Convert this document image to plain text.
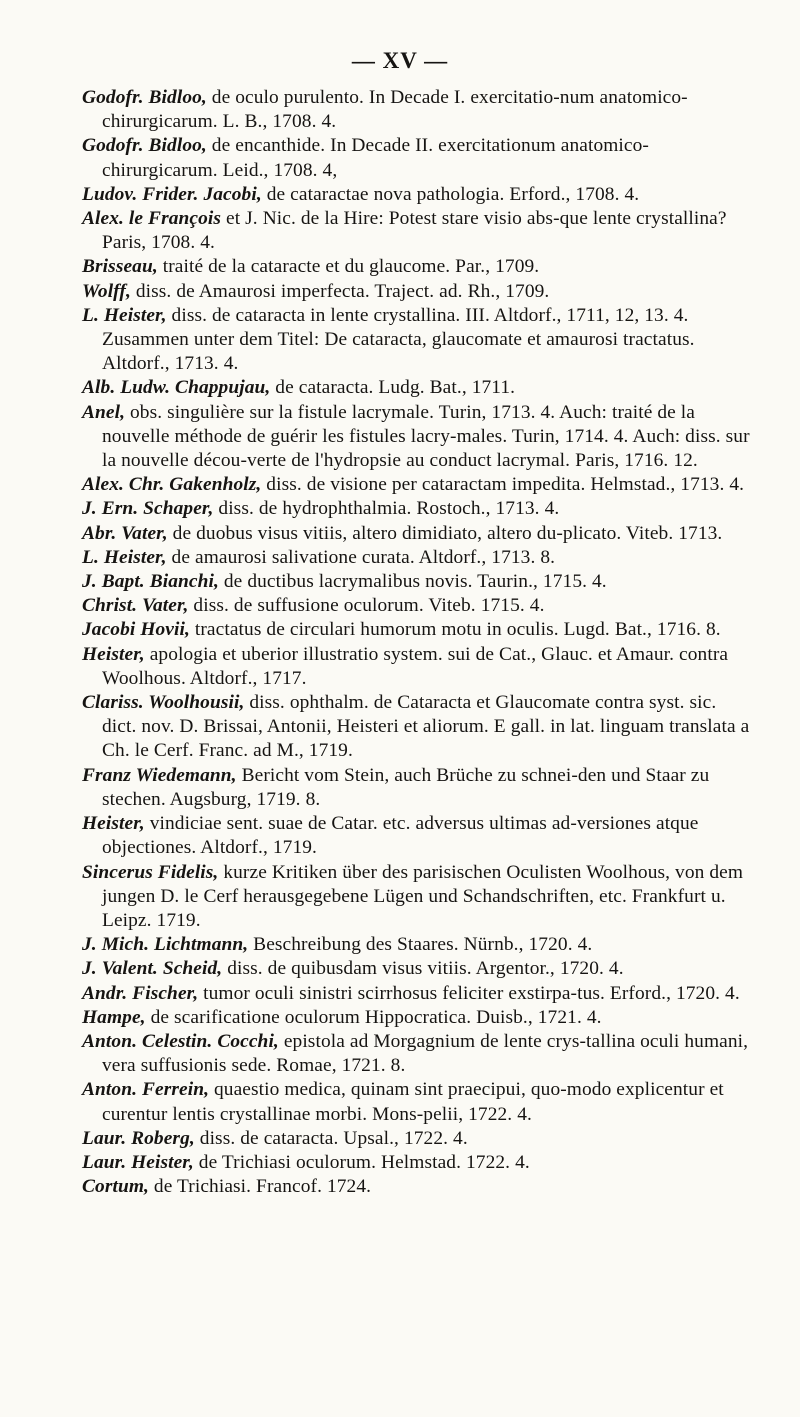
— XV —

Godofr. Bidloo, de oculo purulento. In Decade I. exercitatio-num anatomico-chirurgicarum. L. B., 1708. 4.

Godofr. Bidloo, de encanthide. In Decade II. exercitationum anatomico-chirurgicarum. Leid., 1708. 4,

Ludov. Frider. Jacobi, de cataractae nova pathologia. Erford., 1708. 4.

Alex. le François et J. Nic. de la Hire: Potest stare visio abs-que lente crystallina? Paris, 1708. 4.

Brisseau, traité de la cataracte et du glaucome. Par., 1709.

Wolff, diss. de Amaurosi imperfecta. Traject. ad. Rh., 1709.

L. Heister, diss. de cataracta in lente crystallina. III. Altdorf., 1711, 12, 13. 4. Zusammen unter dem Titel: De cataracta, glaucomate et amaurosi tractatus. Altdorf., 1713. 4.

Alb. Ludw. Chappujau, de cataracta. Ludg. Bat., 1711.

Anel, obs. singulière sur la fistule lacrymale. Turin, 1713. 4. Auch: traité de la nouvelle méthode de guérir les fistules lacry-males. Turin, 1714. 4. Auch: diss. sur la nouvelle décou-verte de l'hydropsie au conduct lacrymal. Paris, 1716. 12.

Alex. Chr. Gakenholz, diss. de visione per cataractam impedita. Helmstad., 1713. 4.

J. Ern. Schaper, diss. de hydrophthalmia. Rostoch., 1713. 4.

Abr. Vater, de duobus visus vitiis, altero dimidiato, altero du-plicato. Viteb. 1713.

L. Heister, de amaurosi salivatione curata. Altdorf., 1713. 8.

J. Bapt. Bianchi, de ductibus lacrymalibus novis. Taurin., 1715. 4.

Christ. Vater, diss. de suffusione oculorum. Viteb. 1715. 4.

Jacobi Hovii, tractatus de circulari humorum motu in oculis. Lugd. Bat., 1716. 8.

Heister, apologia et uberior illustratio system. sui de Cat., Glauc. et Amaur. contra Woolhous. Altdorf., 1717.

Clariss. Woolhousii, diss. ophthalm. de Cataracta et Glaucomate contra syst. sic. dict. nov. D. Brissai, Antonii, Heisteri et aliorum. E gall. in lat. linguam translata a Ch. le Cerf. Franc. ad M., 1719.

Franz Wiedemann, Bericht vom Stein, auch Brüche zu schnei-den und Staar zu stechen. Augsburg, 1719. 8.

Heister, vindiciae sent. suae de Catar. etc. adversus ultimas ad-versiones atque objectiones. Altdorf., 1719.

Sincerus Fidelis, kurze Kritiken über des parisischen Oculisten Woolhous, von dem jungen D. le Cerf herausgegebene Lügen und Schandschriften, etc. Frankfurt u. Leipz. 1719.

J. Mich. Lichtmann, Beschreibung des Staares. Nürnb., 1720. 4.

J. Valent. Scheid, diss. de quibusdam visus vitiis. Argentor., 1720. 4.

Andr. Fischer, tumor oculi sinistri scirrhosus feliciter exstirpa-tus. Erford., 1720. 4.

Hampe, de scarificatione oculorum Hippocratica. Duisb., 1721. 4.

Anton. Celestin. Cocchi, epistola ad Morgagnium de lente crys-tallina oculi humani, vera suffusionis sede. Romae, 1721. 8.

Anton. Ferrein, quaestio medica, quinam sint praecipui, quo-modo explicentur et curentur lentis crystallinae morbi. Mons-pelii, 1722. 4.

Laur. Roberg, diss. de cataracta. Upsal., 1722. 4.

Laur. Heister, de Trichiasi oculorum. Helmstad. 1722. 4.

Cortum, de Trichiasi. Francof. 1724.
